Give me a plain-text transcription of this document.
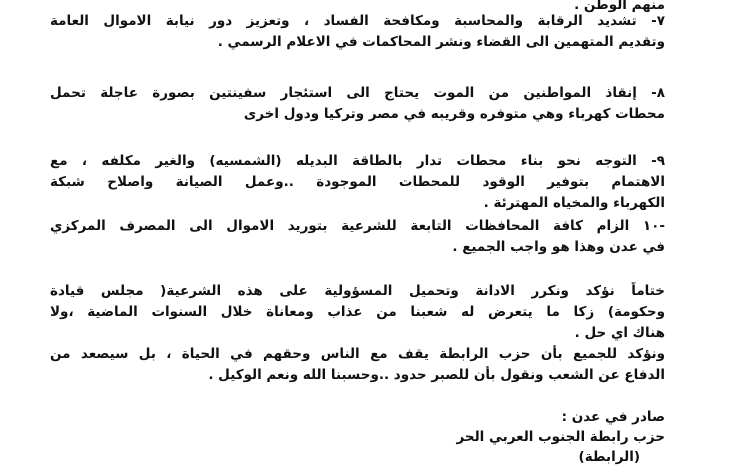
منهم الوطن .

٧- تشديد الرقابة والمحاسبة ومكافحة الفساد ، وتعزيز دور نيابة الاموال العامة

وتقديم المتهمين الى القضاء ونشر المحاكمات في الاعلام الرسمي .

٨- إنقاذ المواطنين من الموت يحتاج الى استئجار سفينتين بصورة عاجلة تحمل

محطات كهرباء وهي متوفره وقريبه في مصر وتركيا ودول اخرى

٩- التوجه نحو بناء محطات تدار بالطاقة البديله (الشمسيه) والغير مكلفه ، مع

الاهتمام بتوفير الوقود للمحطات الموجودة ..وعمل الصيانة واصلاح شبكة

الكهرباء والمخياه المهترئة .

-١٠ الزام كافة المحافظات التابعة للشرعية بتوريد الاموال الى المصرف المركزي

في عدن وهذا هو واجب الجميع .

ختاماً نؤكد ونكرر الادانة وتحميل المسؤولية على هذه الشرعية( مجلس قيادة

وحكومة) زكا ما يتعرض له شعبنا من عذاب ومعاناة خلال السنوات الماضية ،ولا

هناك اي حل .

ونؤكد للجميع بأن حزب الرابطة يقف مع الناس وحقهم في الحياة ، بل سيصعد من

الدفاع عن الشعب ونقول بأن للصبر حدود ..وحسبنا الله ونعم الوكيل .

صادر في عدن :

حزب رابطة الجنوب العربي الحر

(الرابطة)
